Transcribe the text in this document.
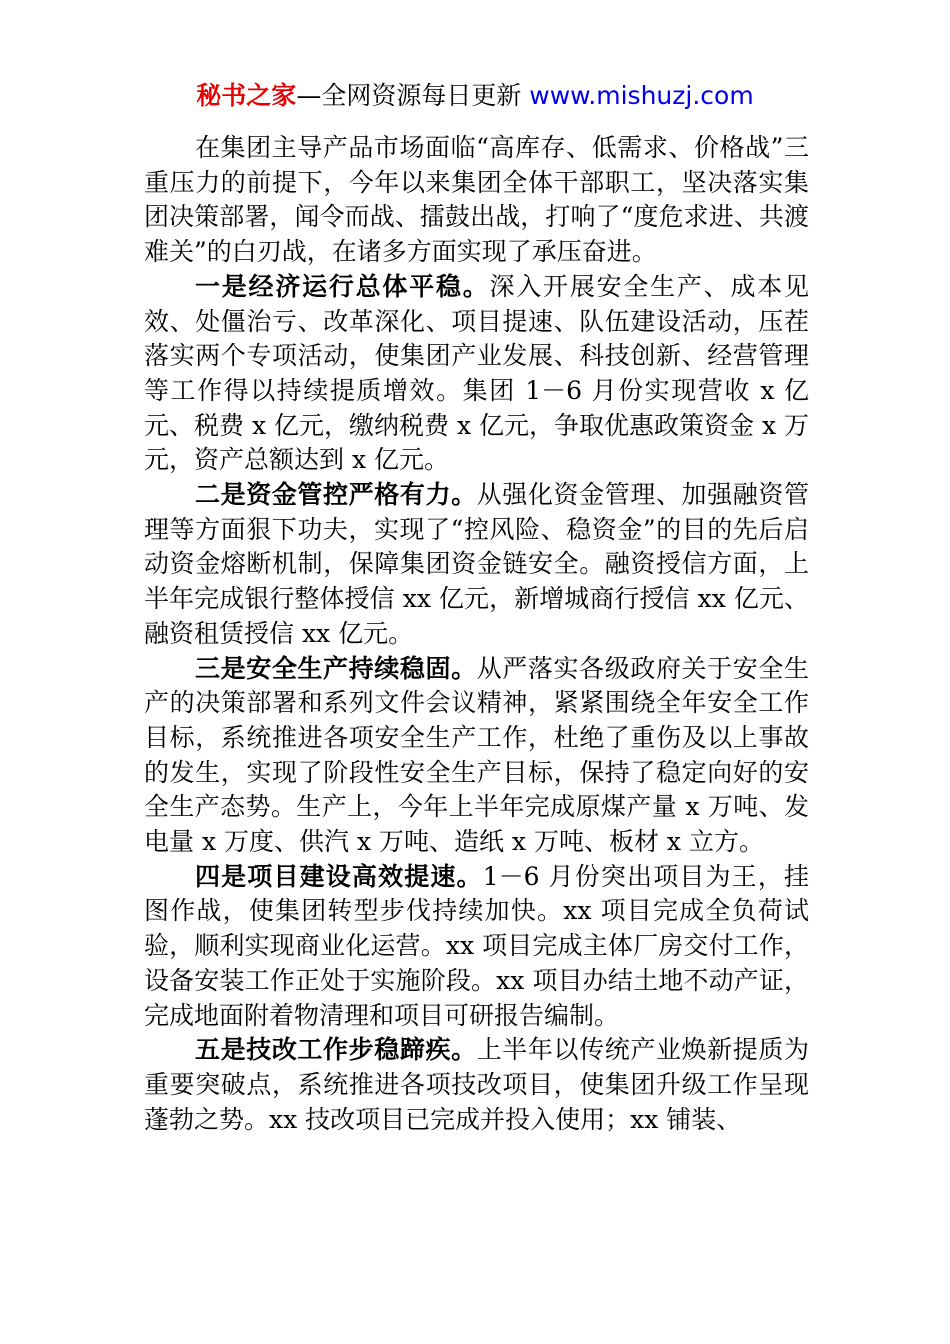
秘书之家—全网资源每日更新 www.mishuzj.com

在集团主导产品市场面临“高库存、低需求、价格战”三重压力的前提下，今年以来集团全体干部职工，坚决落实集团决策部署，闻令而战、擂鼓出战，打响了“度危求进、共渡难关”的白刃战，在诸多方面实现了承压奋进。

一是经济运行总体平稳。深入开展安全生产、成本见效、处僵治亏、改革深化、项目提速、队伍建设活动，压茬落实两个专项活动，使集团产业发展、科技创新、经营管理等工作得以持续提质增效。集团 1－6 月份实现营收 x 亿元、税费 x 亿元，缴纳税费 x 亿元，争取优惠政策资金 x 万元，资产总额达到 x 亿元。

二是资金管控严格有力。从强化资金管理、加强融资管理等方面狠下功夫，实现了“控风险、稳资金”的目的先后启动资金熔断机制，保障集团资金链安全。融资授信方面，上半年完成银行整体授信 xx 亿元，新增城商行授信 xx 亿元、融资租赁授信 xx 亿元。

三是安全生产持续稳固。从严落实各级政府关于安全生产的决策部署和系列文件会议精神，紧紧围绕全年安全工作目标，系统推进各项安全生产工作，杜绝了重伤及以上事故的发生，实现了阶段性安全生产目标，保持了稳定向好的安全生产态势。生产上，今年上半年完成原煤产量 x 万吨、发电量 x 万度、供汽 x 万吨、造纸 x 万吨、板材 x 立方。

四是项目建设高效提速。1－6 月份突出项目为王，挂图作战，使集团转型步伐持续加快。xx 项目完成全负荷试验，顺利实现商业化运营。xx 项目完成主体厂房交付工作，设备安装工作正处于实施阶段。xx 项目办结土地不动产证，完成地面附着物清理和项目可研报告编制。

五是技改工作步稳蹄疾。上半年以传统产业焕新提质为重要突破点，系统推进各项技改项目，使集团升级工作呈现蓬勃之势。xx 技改项目已完成并投入使用；xx 铺装、
